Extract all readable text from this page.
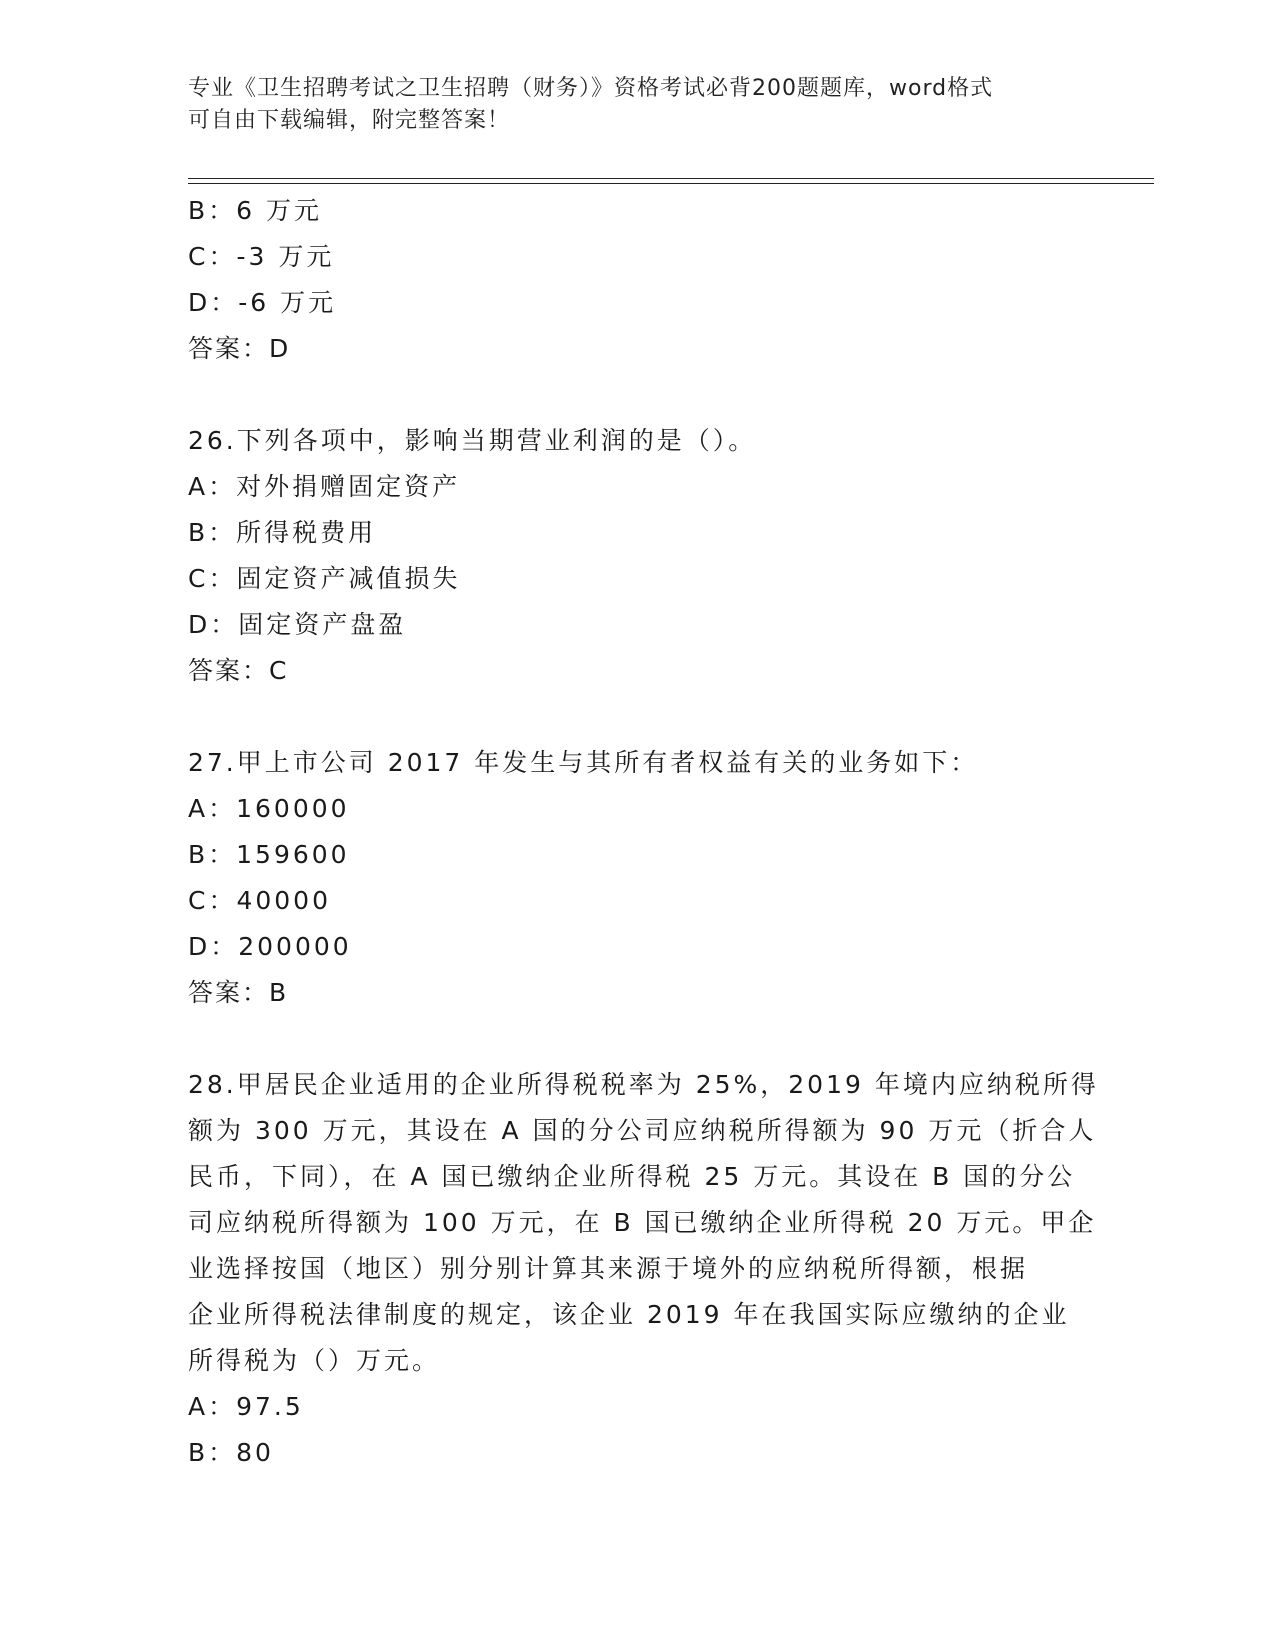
专业《卫生招聘考试之卫生招聘（财务）》资格考试必背200题题库，word格式
可自由下载编辑，附完整答案！
B：6 万元
C：-3 万元
D：-6 万元
答案：D
26.下列各项中，影响当期营业利润的是（）。
A：对外捐赠固定资产
B：所得税费用
C：固定资产减值损失
D：固定资产盘盈
答案：C
27.甲上市公司 2017 年发生与其所有者权益有关的业务如下：
A：160000
B：159600
C：40000
D：200000
答案：B
28.甲居民企业适用的企业所得税税率为 25%，2019 年境内应纳税所得
额为 300 万元，其设在 A 国的分公司应纳税所得额为 90 万元（折合人
民币，下同），在 A 国已缴纳企业所得税 25 万元。其设在 B 国的分公
司应纳税所得额为 100 万元，在 B 国已缴纳企业所得税 20 万元。甲企
业选择按国（地区）别分别计算其来源于境外的应纳税所得额，根据
企业所得税法律制度的规定，该企业 2019 年在我国实际应缴纳的企业
所得税为（）万元。
A：97.5
B：80
